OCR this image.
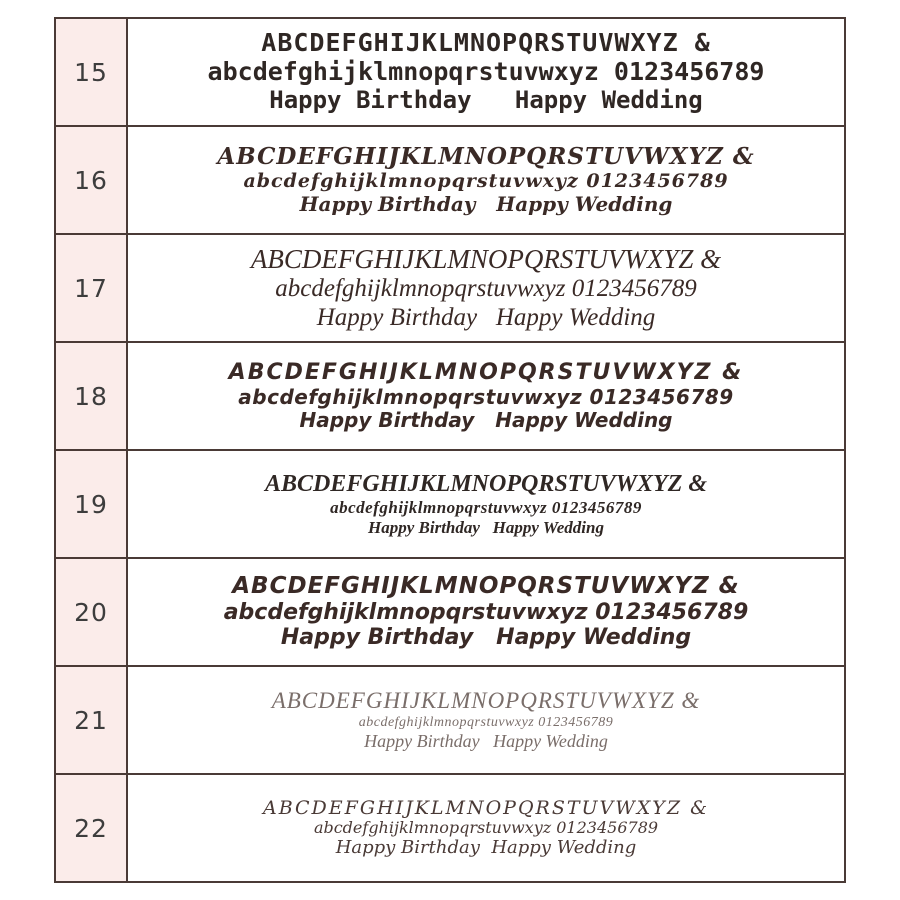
15
ABCDEFGHIJKLMNOPQRSTUVWXYZ &
abcdefghijklmnopqrstuvwxyz 0123456789
Happy Birthday   Happy Wedding
16
ABCDEFGHIJKLMNOPQRSTUVWXYZ &
abcdefghijklmnopqrstuvwxyz 0123456789
Happy Birthday   Happy Wedding
17
ABCDEFGHIJKLMNOPQRSTUVWXYZ &
abcdefghijklmnopqrstuvwxyz 0123456789
Happy Birthday   Happy Wedding
18
ABCDEFGHIJKLMNOPQRSTUVWXYZ &
abcdefghijklmnopqrstuvwxyz 0123456789
Happy Birthday   Happy Wedding
19
ABCDEFGHIJKLMNOPQRSTUVWXYZ &
abcdefghijklmnopqrstuvwxyz 0123456789
Happy Birthday   Happy Wedding
20
ABCDEFGHIJKLMNOPQRSTUVWXYZ &
abcdefghijklmnopqrstuvwxyz 0123456789
Happy Birthday   Happy Wedding
21
ABCDEFGHIJKLMNOPQRSTUVWXYZ &
abcdefghijklmnopqrstuvwxyz 0123456789
Happy Birthday   Happy Wedding
22
ABCDEFGHIJKLMNOPQRSTUVWXYZ &
abcdefghijklmnopqrstuvwxyz 0123456789
Happy Birthday  Happy Wedding
